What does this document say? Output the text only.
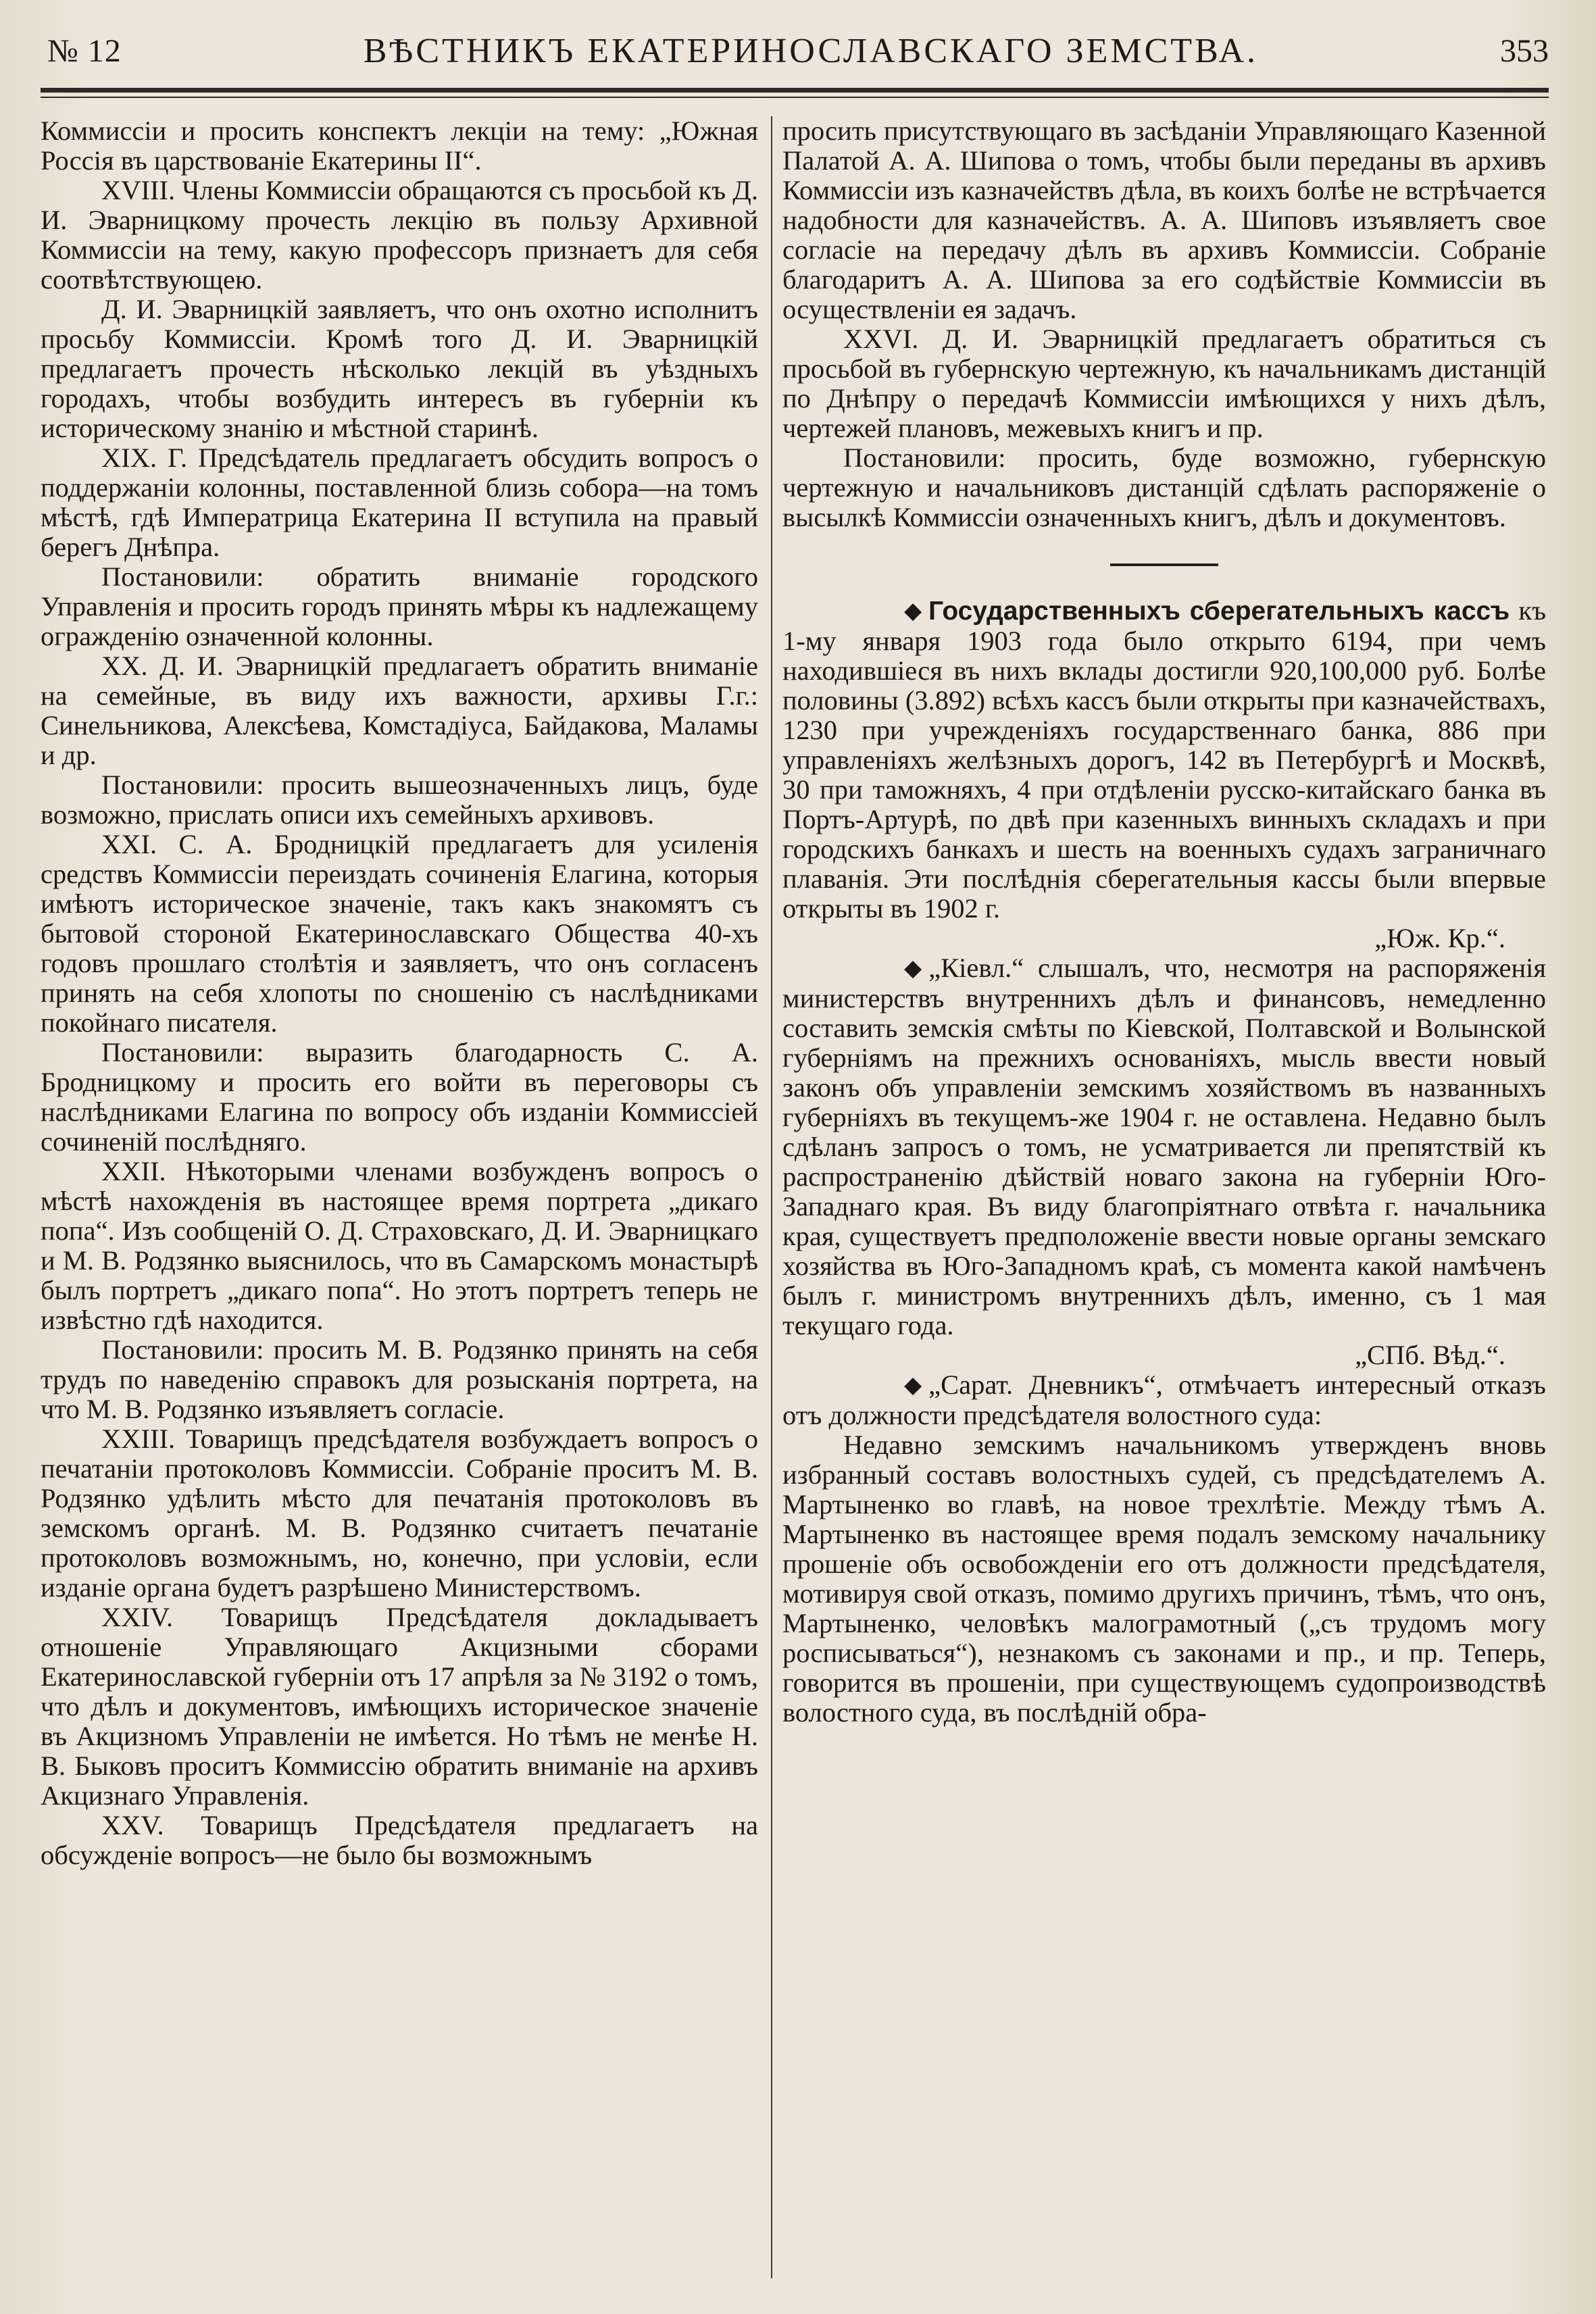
№ 12	ВѢСТНИКЪ ЕКАТЕРИНОСЛАВСКАГО ЗЕМСТВА.	353

Коммиссіи и просить конспектъ лекціи на тему: „Южная Россія въ царствованіе Екатерины II“.

XVIII. Члены Коммиссіи обращаются съ просьбой къ Д. И. Эварницкому прочесть лекцію въ пользу Архивной Коммиссіи на тему, какую профессоръ признаетъ для себя соотвѣтствующею.

Д. И. Эварницкій заявляетъ, что онъ охотно исполнитъ просьбу Коммиссіи. Кромѣ того Д. И. Эварницкій предлагаетъ прочесть нѣсколько лекцій въ уѣздныхъ городахъ, чтобы возбудить интересъ въ губерніи къ историческому знанію и мѣстной старинѣ.

XIX. Г. Предсѣдатель предлагаетъ обсудить вопросъ о поддержаніи колонны, поставленной близь собора—на томъ мѣстѣ, гдѣ Императрица Екатерина II вступила на правый берегъ Днѣпра.

Постановили: обратить вниманіе городского Управленія и просить городъ принять мѣры къ надлежащему огражденію означенной колонны.

XX. Д. И. Эварницкій предлагаетъ обратить вниманіе на семейные, въ виду ихъ важности, архивы Г.г.: Синельникова, Алексѣева, Комстадіуса, Байдакова, Маламы и др.

Постановили: просить вышеозначенныхъ лицъ, буде возможно, прислать описи ихъ семейныхъ архивовъ.

XXI. С. А. Бродницкій предлагаетъ для усиленія средствъ Коммиссіи переиздать сочиненія Елагина, которыя имѣютъ историческое значеніе, такъ какъ знакомятъ съ бытовой стороной Екатеринославскаго Общества 40-хъ годовъ прошлаго столѣтія и заявляетъ, что онъ согласенъ принять на себя хлопоты по сношенію съ наслѣдниками покойнаго писателя.

Постановили: выразить благодарность С. А. Бродницкому и просить его войти въ переговоры съ наслѣдниками Елагина по вопросу объ изданіи Коммиссіей сочиненій послѣдняго.

XXII. Нѣкоторыми членами возбужденъ вопросъ о мѣстѣ нахожденія въ настоящее время портрета „дикаго попа“. Изъ сообщеній О. Д. Страховскаго, Д. И. Эварницкаго и М. В. Родзянко выяснилось, что въ Самарскомъ монастырѣ былъ портретъ „дикаго попа“. Но этотъ портретъ теперь не извѣстно гдѣ находится.

Постановили: просить М. В. Родзянко принять на себя трудъ по наведенію справокъ для розысканія портрета, на что М. В. Родзянко изъявляетъ согласіе.

XXIII. Товарищъ предсѣдателя возбуждаетъ вопросъ о печатаніи протоколовъ Коммиссіи. Собраніе проситъ М. В. Родзянко удѣлить мѣсто для печатанія протоколовъ въ земскомъ органѣ. М. В. Родзянко считаетъ печатаніе протоколовъ возможнымъ, но, конечно, при условіи, если изданіе органа будетъ разрѣшено Министерствомъ.

XXIV. Товарищъ Предсѣдателя докладываетъ отношеніе Управляющаго Акцизными сборами Екатеринославской губерніи отъ 17 апрѣля за № 3192 о томъ, что дѣлъ и документовъ, имѣющихъ историческое значеніе въ Акцизномъ Управленіи не имѣется. Но тѣмъ не менѣе Н. В. Быковъ проситъ Коммиссію обратить вниманіе на архивъ Акцизнаго Управленія.

XXV. Товарищъ Предсѣдателя предлагаетъ на обсужденіе вопросъ—не было бы возможнымъ

просить присутствующаго въ засѣданіи Управляющаго Казенной Палатой А. А. Шипова о томъ, чтобы были переданы въ архивъ Коммиссіи изъ казначействъ дѣла, въ коихъ болѣе не встрѣчается надобности для казначействъ. А. А. Шиповъ изъявляетъ свое согласіе на передачу дѣлъ въ архивъ Коммиссіи. Собраніе благодаритъ А. А. Шипова за его содѣйствіе Коммиссіи въ осуществленіи ея задачъ.

XXVI. Д. И. Эварницкій предлагаетъ обратиться съ просьбой въ губернскую чертежную, къ начальникамъ дистанцій по Днѣпру о передачѣ Коммиссіи имѣющихся у нихъ дѣлъ, чертежей плановъ, межевыхъ книгъ и пр.

Постановили: просить, буде возможно, губернскую чертежную и начальниковъ дистанцій сдѣлать распоряженіе о высылкѣ Коммиссіи означенныхъ книгъ, дѣлъ и документовъ.

◆ Государственныхъ сберегательныхъ кассъ къ 1-му января 1903 года было открыто 6194, при чемъ находившіеся въ нихъ вклады достигли 920,100,000 руб. Болѣе половины (3.892) всѣхъ кассъ были открыты при казначействахъ, 1230 при учрежденіяхъ государственнаго банка, 886 при управленіяхъ желѣзныхъ дорогъ, 142 въ Петербургѣ и Москвѣ, 30 при таможняхъ, 4 при отдѣленіи русско-китайскаго банка въ Портъ-Артурѣ, по двѣ при казенныхъ винныхъ складахъ и при городскихъ банкахъ и шесть на военныхъ судахъ заграничнаго плаванія. Эти послѣднія сберегательныя кассы были впервые открыты въ 1902 г.

„Юж. Кр.“.

◆ „Кіевл.“ слышалъ, что, несмотря на распоряженія министерствъ внутреннихъ дѣлъ и финансовъ, немедленно составить земскія смѣты по Кіевской, Полтавской и Волынской губерніямъ на прежнихъ основаніяхъ, мысль ввести новый законъ объ управленіи земскимъ хозяйствомъ въ названныхъ губерніяхъ въ текущемъ-же 1904 г. не оставлена. Недавно былъ сдѣланъ запросъ о томъ, не усматривается ли препятствій къ распространенію дѣйствій новаго закона на губерніи Юго-Западнаго края. Въ виду благопріятнаго отвѣта г. начальника края, существуетъ предположеніе ввести новые органы земскаго хозяйства въ Юго-Западномъ краѣ, съ момента какой намѣченъ былъ г. министромъ внутреннихъ дѣлъ, именно, съ 1 мая текущаго года.

„СПб. Вѣд.“.

◆ „Сарат. Дневникъ“, отмѣчаетъ интересный отказъ отъ должности предсѣдателя волостного суда:

Недавно земскимъ начальникомъ утвержденъ вновь избранный составъ волостныхъ судей, съ предсѣдателемъ А. Мартыненко во главѣ, на новое трехлѣтіе. Между тѣмъ А. Мартыненко въ настоящее время подалъ земскому начальнику прошеніе объ освобожденіи его отъ должности предсѣдателя, мотивируя свой отказъ, помимо другихъ причинъ, тѣмъ, что онъ, Мартыненко, человѣкъ малограмотный („съ трудомъ могу росписываться“), незнакомъ съ законами и пр., и пр. Теперь, говорится въ прошеніи, при существующемъ судопроизводствѣ волостного суда, въ послѣдній обра-
